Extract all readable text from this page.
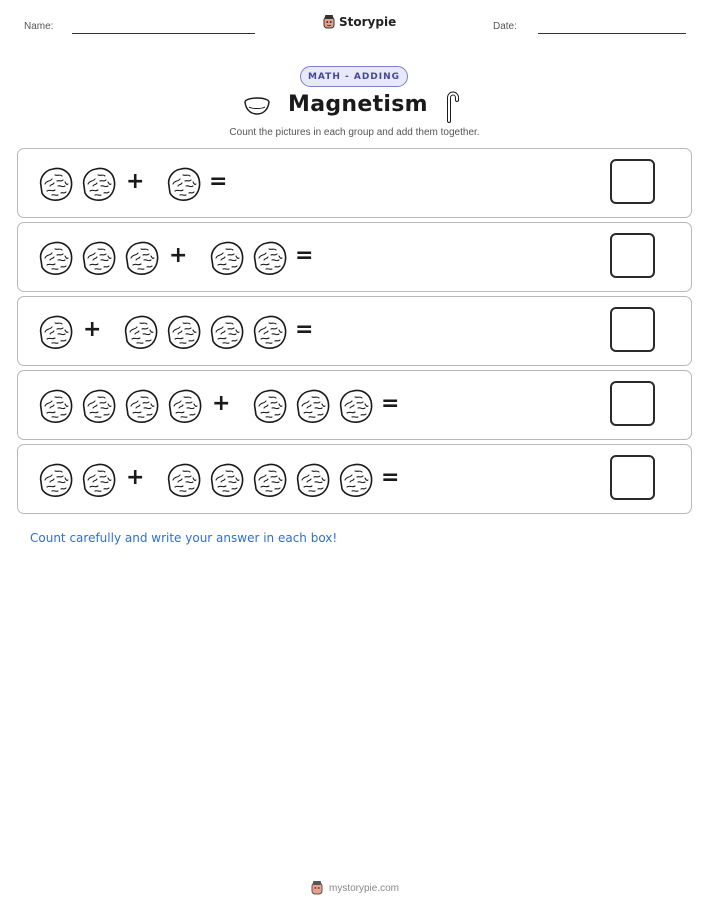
Name:	Storypie	Date:
MATH - ADDING
Magnetism
Count the pictures in each group and add them together.
+	=
+	=
+	=
+	=
+	=
Count carefully and write your answer in each box!
mystorypie.com
